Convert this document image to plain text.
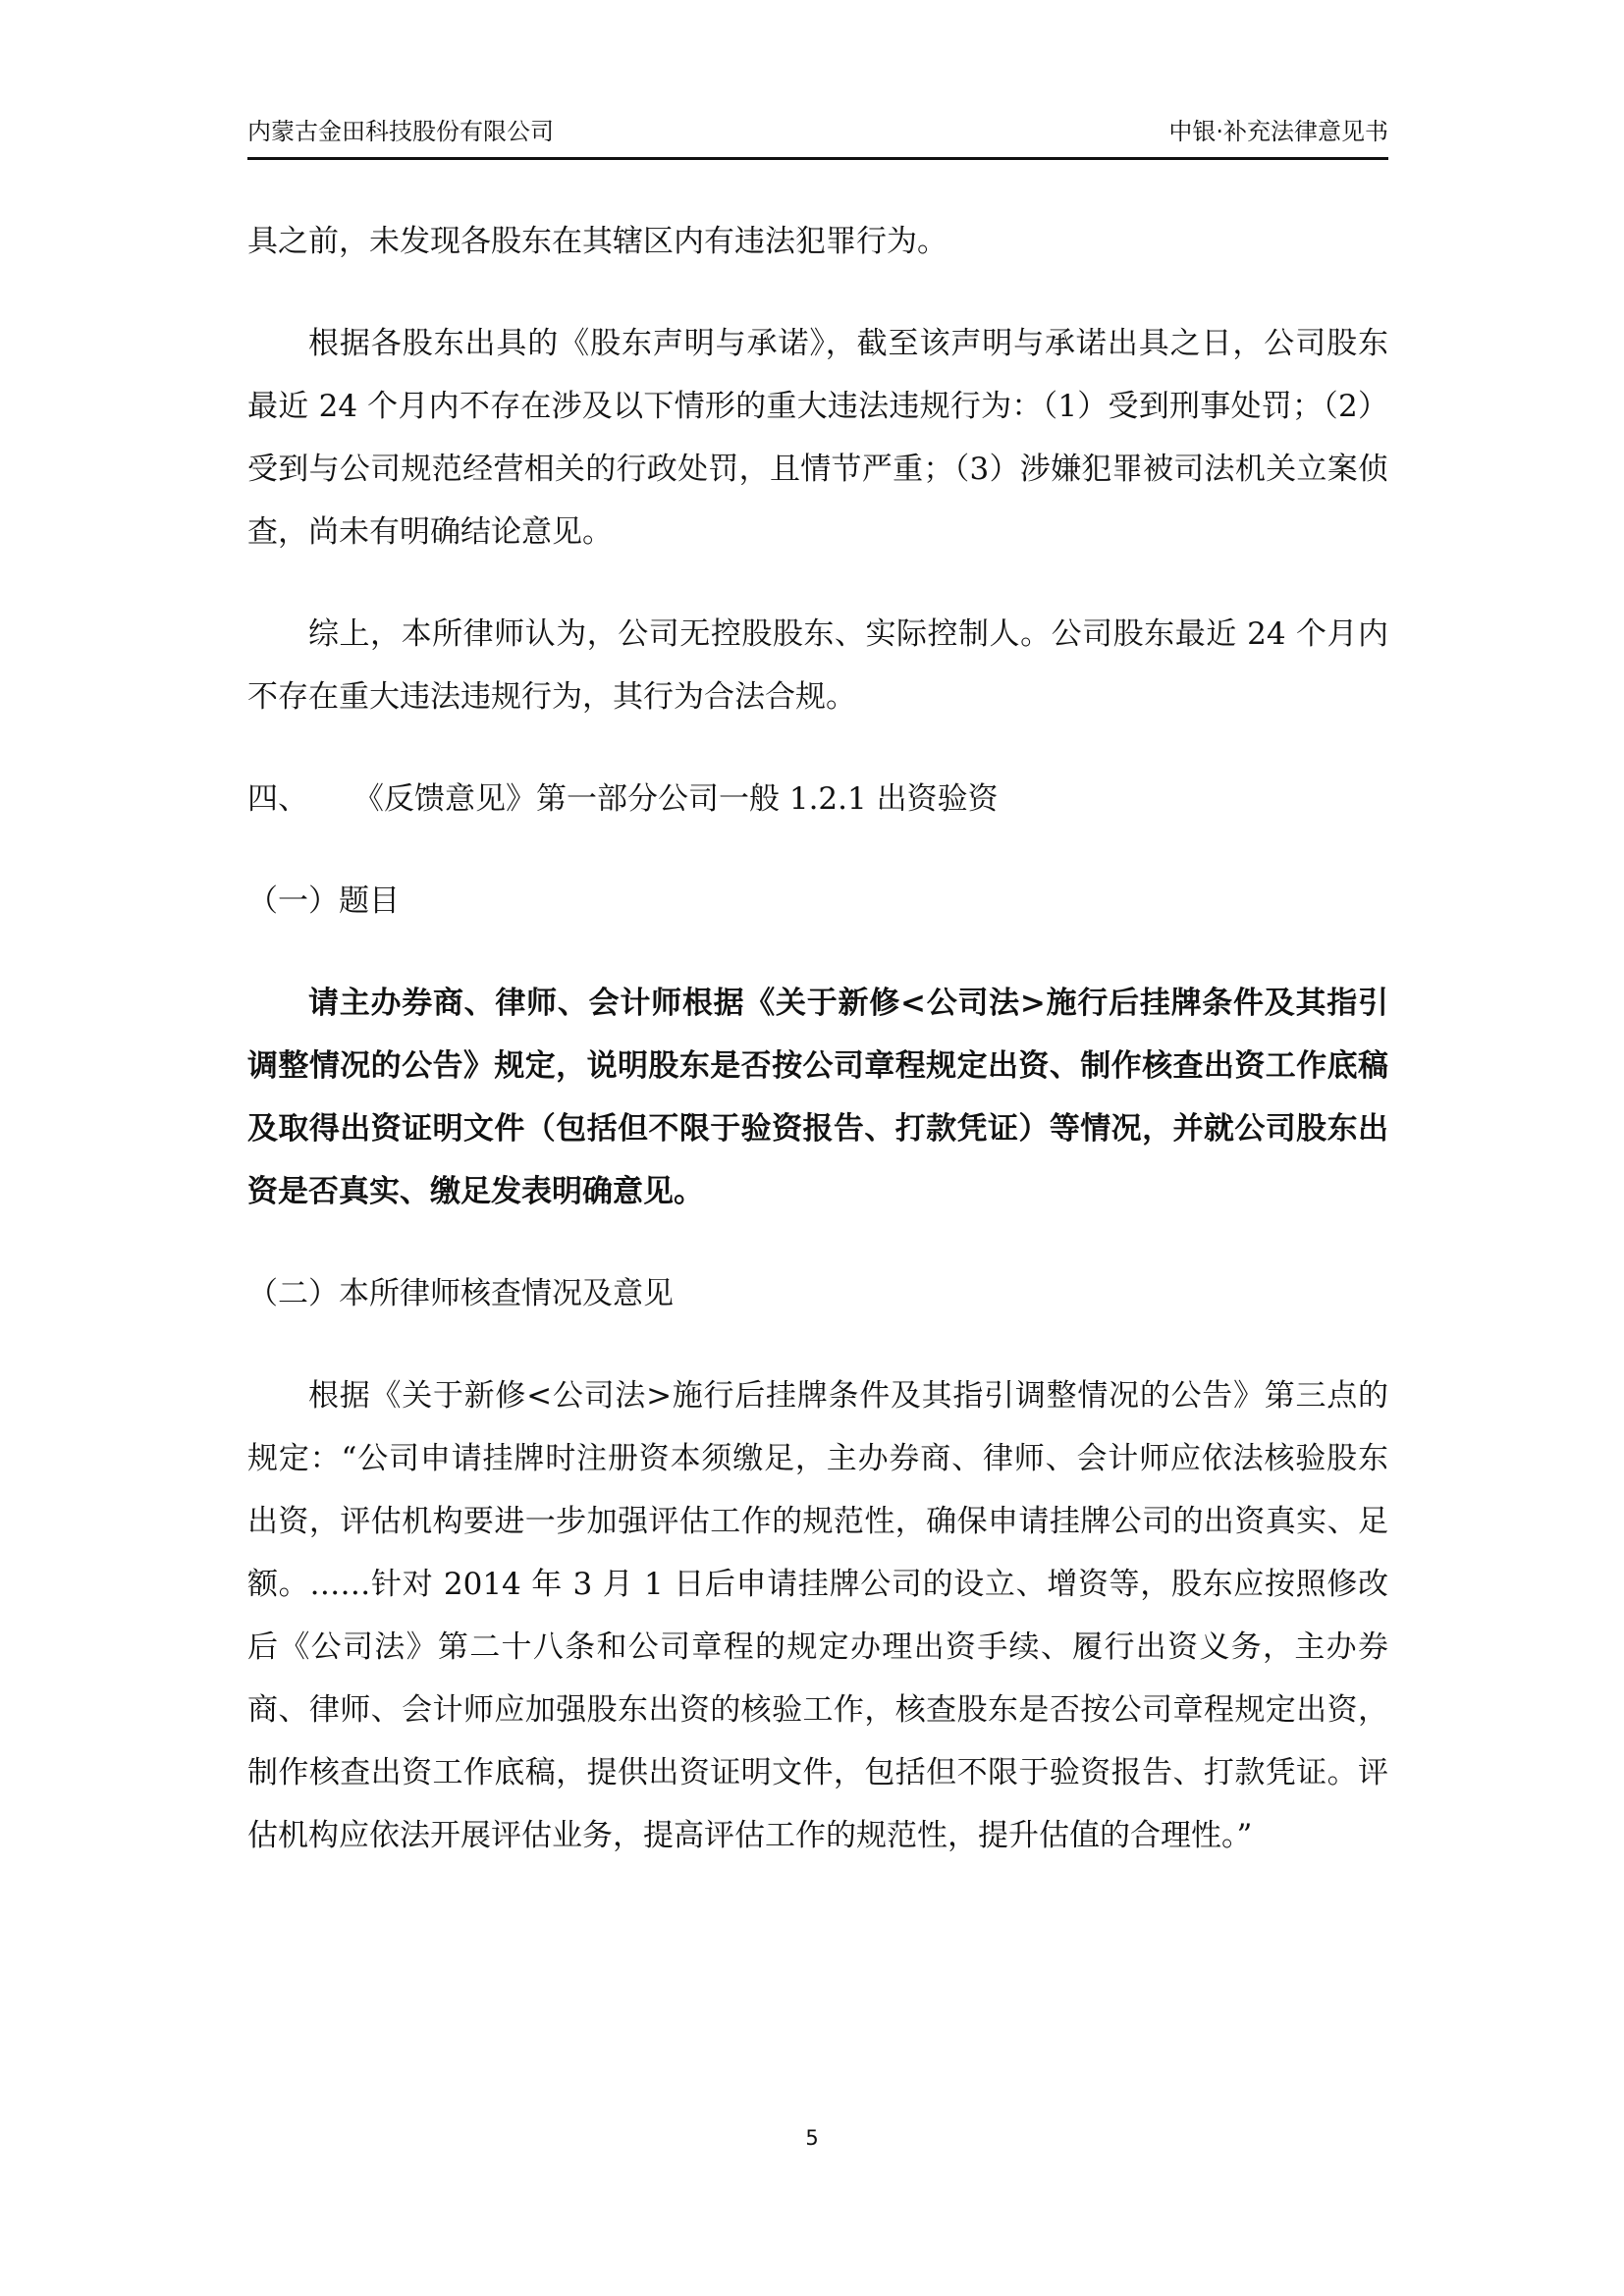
内蒙古金田科技股份有限公司	中银·补充法律意见书

具之前，未发现各股东在其辖区内有违法犯罪行为。

根据各股东出具的《股东声明与承诺》，截至该声明与承诺出具之日，公司股东最近 24 个月内不存在涉及以下情形的重大违法违规行为：（1）受到刑事处罚；（2）受到与公司规范经营相关的行政处罚，且情节严重；（3）涉嫌犯罪被司法机关立案侦查，尚未有明确结论意见。

综上，本所律师认为，公司无控股股东、实际控制人。公司股东最近 24 个月内不存在重大违法违规行为，其行为合法合规。

四、 《反馈意见》第一部分公司一般 1.2.1 出资验资

（一）题目

请主办券商、律师、会计师根据《关于新修<公司法>施行后挂牌条件及其指引调整情况的公告》规定，说明股东是否按公司章程规定出资、制作核查出资工作底稿及取得出资证明文件（包括但不限于验资报告、打款凭证）等情况，并就公司股东出资是否真实、缴足发表明确意见。

（二）本所律师核查情况及意见

根据《关于新修<公司法>施行后挂牌条件及其指引调整情况的公告》第三点的规定：“公司申请挂牌时注册资本须缴足，主办券商、律师、会计师应依法核验股东出资，评估机构要进一步加强评估工作的规范性，确保申请挂牌公司的出资真实、足额。……针对 2014 年 3 月 1 日后申请挂牌公司的设立、增资等，股东应按照修改后《公司法》第二十八条和公司章程的规定办理出资手续、履行出资义务，主办券商、律师、会计师应加强股东出资的核验工作，核查股东是否按公司章程规定出资，制作核查出资工作底稿，提供出资证明文件，包括但不限于验资报告、打款凭证。评估机构应依法开展评估业务，提高评估工作的规范性，提升估值的合理性。”

5
